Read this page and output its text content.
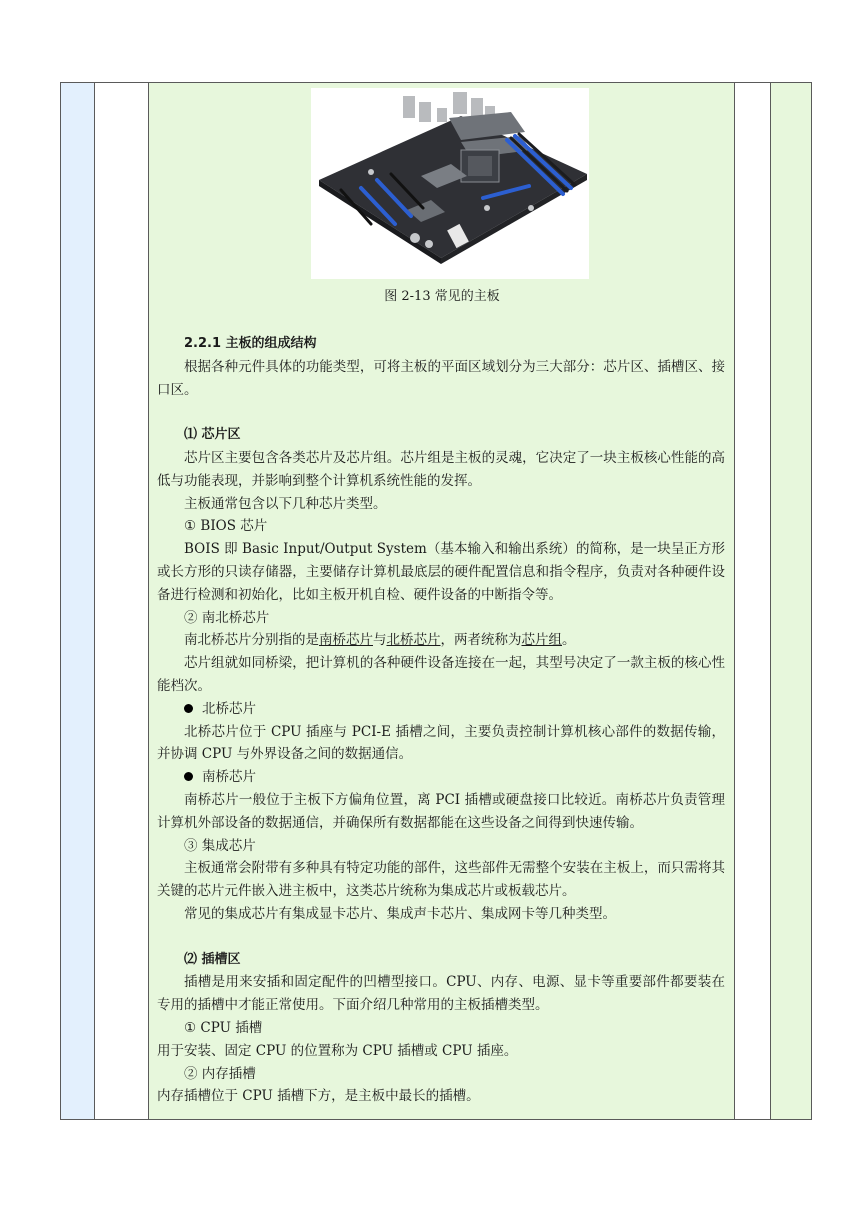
图 2-13 常见的主板

2.2.1 主板的组成结构

根据各种元件具体的功能类型，可将主板的平面区域划分为三大部分：芯片区、插槽区、接口区。

⑴ 芯片区

芯片区主要包含各类芯片及芯片组。芯片组是主板的灵魂，它决定了一块主板核心性能的高低与功能表现，并影响到整个计算机系统性能的发挥。

主板通常包含以下几种芯片类型。

① BIOS 芯片

BOIS 即 Basic Input/Output System（基本输入和输出系统）的简称，是一块呈正方形或长方形的只读存储器，主要储存计算机最底层的硬件配置信息和指令程序，负责对各种硬件设备进行检测和初始化，比如主板开机自检、硬件设备的中断指令等。

② 南北桥芯片

南北桥芯片分别指的是南桥芯片与北桥芯片，两者统称为芯片组。

芯片组就如同桥梁，把计算机的各种硬件设备连接在一起，其型号决定了一款主板的核心性能档次。

北桥芯片

北桥芯片位于 CPU 插座与 PCI-E 插槽之间，主要负责控制计算机核心部件的数据传输，并协调 CPU 与外界设备之间的数据通信。

南桥芯片

南桥芯片一般位于主板下方偏角位置，离 PCI 插槽或硬盘接口比较近。南桥芯片负责管理计算机外部设备的数据通信，并确保所有数据都能在这些设备之间得到快速传输。

③ 集成芯片

主板通常会附带有多种具有特定功能的部件，这些部件无需整个安装在主板上，而只需将其关键的芯片元件嵌入进主板中，这类芯片统称为集成芯片或板载芯片。

常见的集成芯片有集成显卡芯片、集成声卡芯片、集成网卡等几种类型。

⑵ 插槽区

插槽是用来安插和固定配件的凹槽型接口。CPU、内存、电源、显卡等重要部件都要装在专用的插槽中才能正常使用。下面介绍几种常用的主板插槽类型。

① CPU 插槽

用于安装、固定 CPU 的位置称为 CPU 插槽或 CPU 插座。

② 内存插槽

内存插槽位于 CPU 插槽下方，是主板中最长的插槽。
